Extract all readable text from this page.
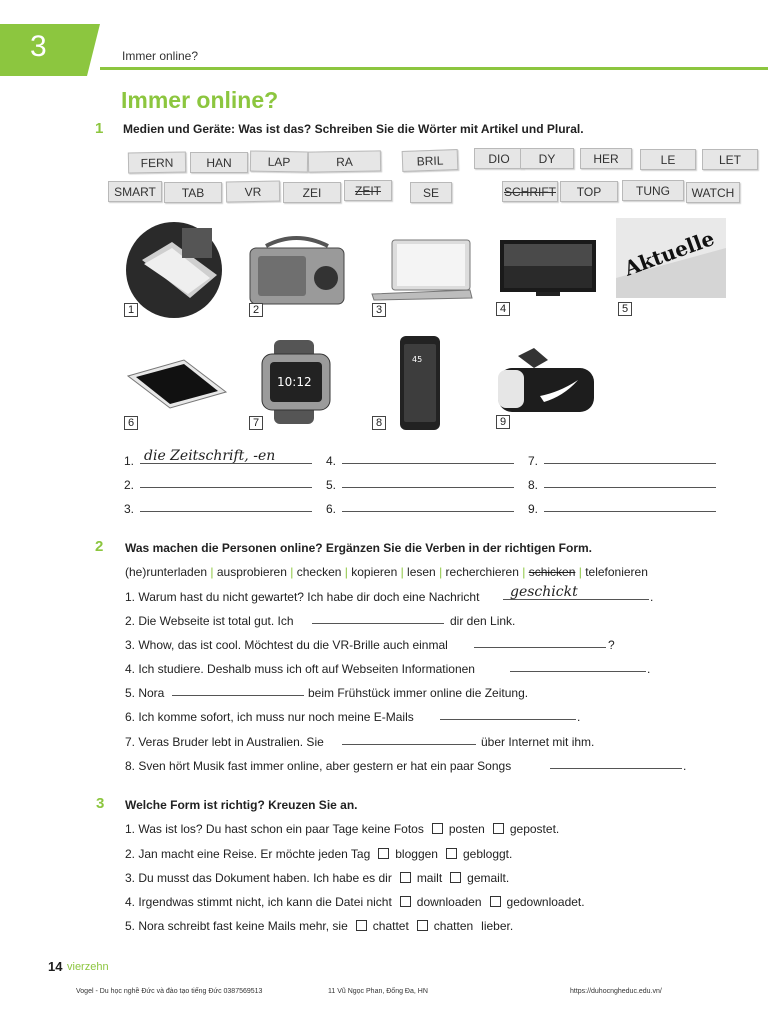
3	Immer online?
Immer online?
1 Medien und Geräte: Was ist das? Schreiben Sie die Wörter mit Artikel und Plural.
FERN	HAN	LAP	RA	BRIL	DIO	DY	HER	LE	LET
SMART	TAB	VR	ZEI	ZEIT	SE	SCHRIFT	TOP	TUNG	WATCH
Aktuelle
1	2	3	4	5
10:12
45
6	7	8	9
1.
2.
3.
die Zeitschrift, -en	4.
5.
6.
7.
8.
9.
2 Was machen die Personen online? Ergänzen Sie die Verben in der richtigen Form.
(he)runterladen | ausprobieren | checken | kopieren | lesen | recherchieren | schicken | telefonieren
1. Warum hast du nicht gewartet? Ich habe dir doch eine Nachricht geschickt	.
2. Die Webseite ist total gut. Ich	dir den Link.
3. Whow, das ist cool. Möchtest du die VR-Brille auch einmal	?
4. Ich studiere. Deshalb muss ich oft auf Webseiten Informationen	.
5. Nora	beim Frühstück immer online die Zeitung.
6. Ich komme sofort, ich muss nur noch meine E-Mails	.
7. Veras Bruder lebt in Australien. Sie	über Internet mit ihm.
8. Sven hört Musik fast immer online, aber gestern er hat ein paar Songs	.
3 Welche Form ist richtig? Kreuzen Sie an.
1. Was ist los? Du hast schon ein paar Tage keine Fotos posten gepostet.
2. Jan macht eine Reise. Er möchte jeden Tag bloggen gebloggt.
3. Du musst das Dokument haben. Ich habe es dir mailt gemailt.
4. Irgendwas stimmt nicht, ich kann die Datei nicht downloaden gedownloadet.
5. Nora schreibt fast keine Mails mehr, sie chattet chatten lieber.
14 vierzehn
Vogel - Du học nghề Đức và đào tạo tiếng Đức 0387569513	11 Vũ Ngọc Phan, Đống Đa, HN	https://duhocngheduc.edu.vn/
